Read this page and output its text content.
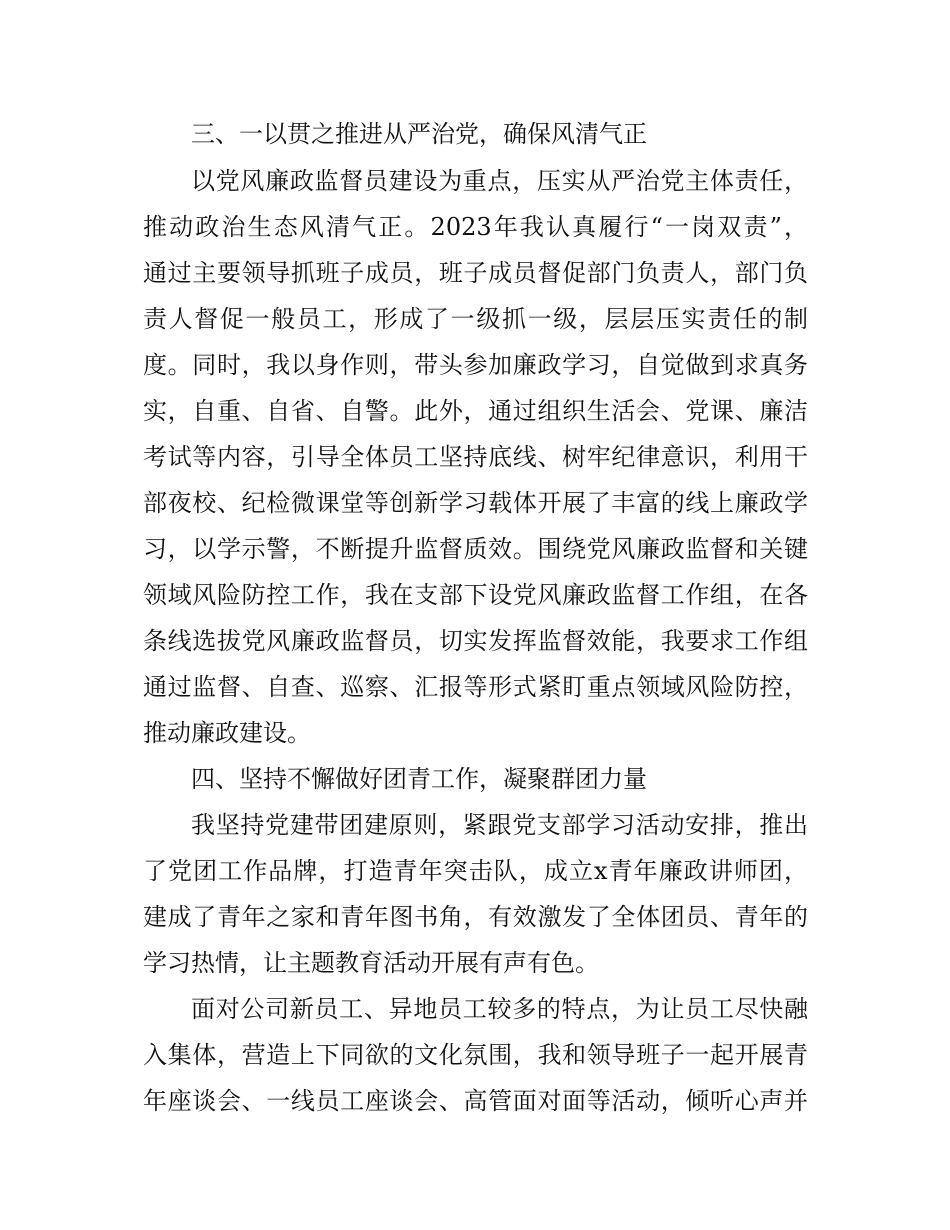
三、一以贯之推进从严治党，确保风清气正
以党风廉政监督员建设为重点，压实从严治党主体责任，
推动政治生态风清气正。2023年我认真履行“一岗双责”，
通过主要领导抓班子成员，班子成员督促部门负责人，部门负
责人督促一般员工，形成了一级抓一级，层层压实责任的制
度。同时，我以身作则，带头参加廉政学习，自觉做到求真务
实，自重、自省、自警。此外，通过组织生活会、党课、廉洁
考试等内容，引导全体员工坚持底线、树牢纪律意识，利用干
部夜校、纪检微课堂等创新学习载体开展了丰富的线上廉政学
习，以学示警，不断提升监督质效。围绕党风廉政监督和关键
领域风险防控工作，我在支部下设党风廉政监督工作组，在各
条线选拔党风廉政监督员，切实发挥监督效能，我要求工作组
通过监督、自查、巡察、汇报等形式紧盯重点领域风险防控，
推动廉政建设。
四、坚持不懈做好团青工作，凝聚群团力量
我坚持党建带团建原则，紧跟党支部学习活动安排，推出
了党团工作品牌，打造青年突击队，成立x青年廉政讲师团，
建成了青年之家和青年图书角，有效激发了全体团员、青年的
学习热情，让主题教育活动开展有声有色。
面对公司新员工、异地员工较多的特点，为让员工尽快融
入集体，营造上下同欲的文化氛围，我和领导班子一起开展青
年座谈会、一线员工座谈会、高管面对面等活动，倾听心声并
